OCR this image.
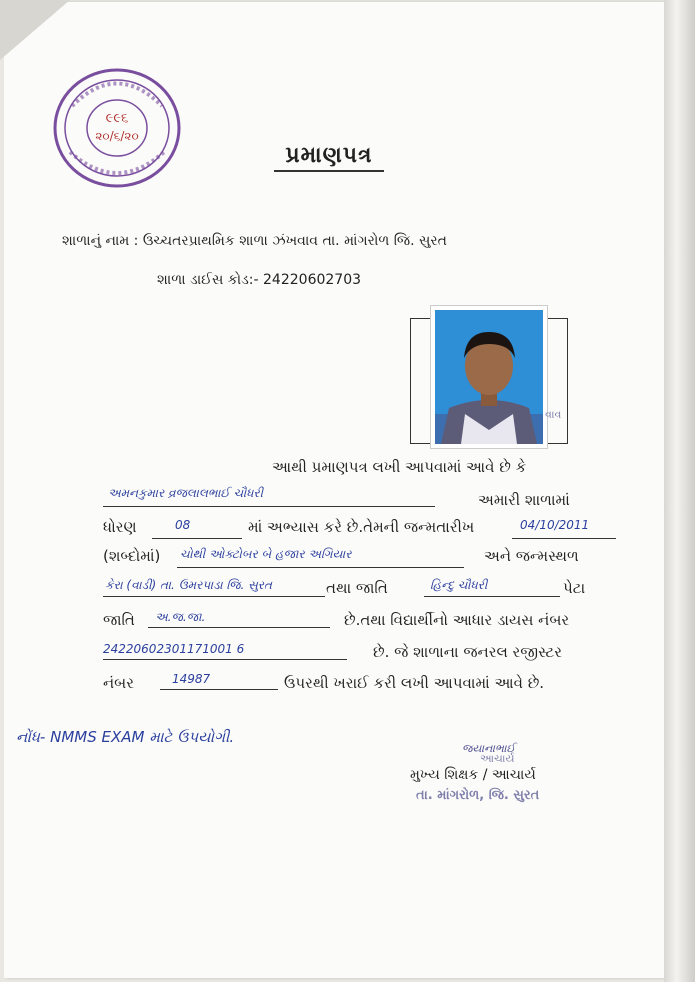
૯૯૬
૨૦/૬/૨૦
પ્રમાણપત્ર
શાળાનું નામ : ઉચ્ચતરપ્રાથમિક શાળા ઝંખવાવ તા. માંગરોળ જિ. સુરત
શાળા ડાઈસ કોડ:- 24220602703
વાવ
આથી પ્રમાણપત્ર લખી આપવામાં આવે છે કે
અમનકુમાર વ્રજલાલભાઈ ચૌધરી	અમારી શાળામાં
ધોરણ	08	માં અભ્યાસ કરે છે.તેમની જન્મતારીખ	04/10/2011
(શબ્દોમાં) ચોથી ઓક્ટોબર બે હજાર અગિયાર	અને જન્મસ્થળ
કેરા (વાડી) તા. ઉમરપાડા જિ. સુરત	તથા જાતિ	હિન્દુ ચૌધરી	પેટા
જાતિ અ.જ.જા.	છે.તથા વિદ્યાર્થીનો આધાર ડાયસ નંબર
24220602301171001 6	છે. જે શાળાના જનરલ રજીસ્ટર
નંબર	14987	ઉપરથી ખરાઈ કરી લખી આપવામાં આવે છે.
નોંધ- NMMS EXAM માટે ઉપયોગી.
જયાનાભાઈ
આચાર્ય
મુખ્ય શિક્ષક / આચાર્ય
તા. માંગરોળ, જિ. સુરત
